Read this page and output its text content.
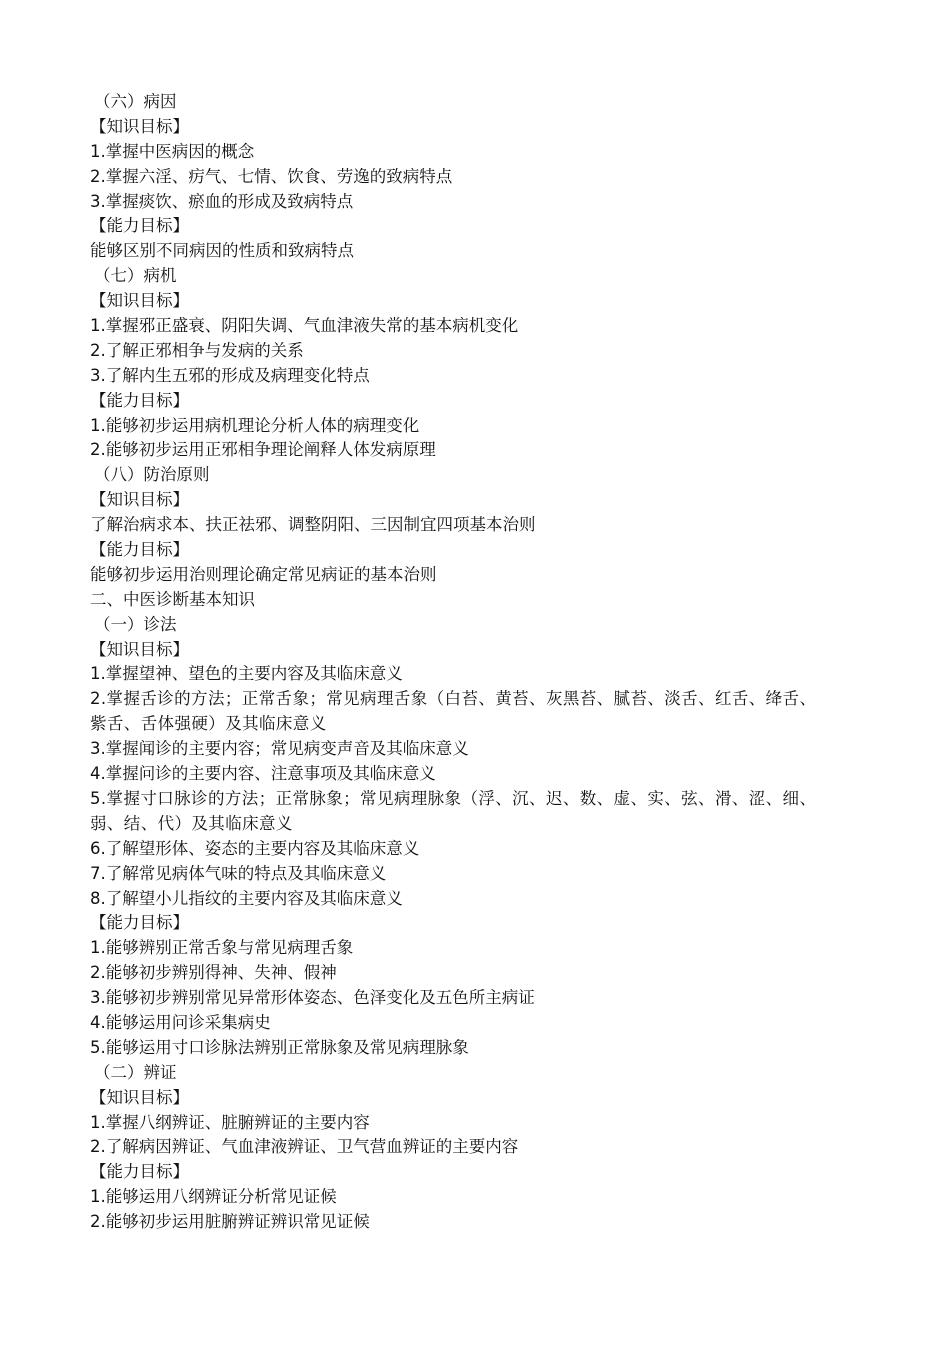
（六）病因
【知识目标】
1.掌握中医病因的概念
2.掌握六淫、疠气、七情、饮食、劳逸的致病特点
3.掌握痰饮、瘀血的形成及致病特点
【能力目标】
能够区别不同病因的性质和致病特点
（七）病机
【知识目标】
1.掌握邪正盛衰、阴阳失调、气血津液失常的基本病机变化
2.了解正邪相争与发病的关系
3.了解内生五邪的形成及病理变化特点
【能力目标】
1.能够初步运用病机理论分析人体的病理变化
2.能够初步运用正邪相争理论阐释人体发病原理
（八）防治原则
【知识目标】
了解治病求本、扶正祛邪、调整阴阳、三因制宜四项基本治则
【能力目标】
能够初步运用治则理论确定常见病证的基本治则
二、中医诊断基本知识
（一）诊法
【知识目标】
1.掌握望神、望色的主要内容及其临床意义
2.掌握舌诊的方法；正常舌象；常见病理舌象（白苔、黄苔、灰黑苔、腻苔、淡舌、红舌、绛舌、紫舌、舌体强硬）及其临床意义
3.掌握闻诊的主要内容；常见病变声音及其临床意义
4.掌握问诊的主要内容、注意事项及其临床意义
5.掌握寸口脉诊的方法；正常脉象；常见病理脉象（浮、沉、迟、数、虚、实、弦、滑、涩、细、弱、结、代）及其临床意义
6.了解望形体、姿态的主要内容及其临床意义
7.了解常见病体气味的特点及其临床意义
8.了解望小儿指纹的主要内容及其临床意义
【能力目标】
1.能够辨别正常舌象与常见病理舌象
2.能够初步辨别得神、失神、假神
3.能够初步辨别常见异常形体姿态、色泽变化及五色所主病证
4.能够运用问诊采集病史
5.能够运用寸口诊脉法辨别正常脉象及常见病理脉象
（二）辨证
【知识目标】
1.掌握八纲辨证、脏腑辨证的主要内容
2.了解病因辨证、气血津液辨证、卫气营血辨证的主要内容
【能力目标】
1.能够运用八纲辨证分析常见证候
2.能够初步运用脏腑辨证辨识常见证候
